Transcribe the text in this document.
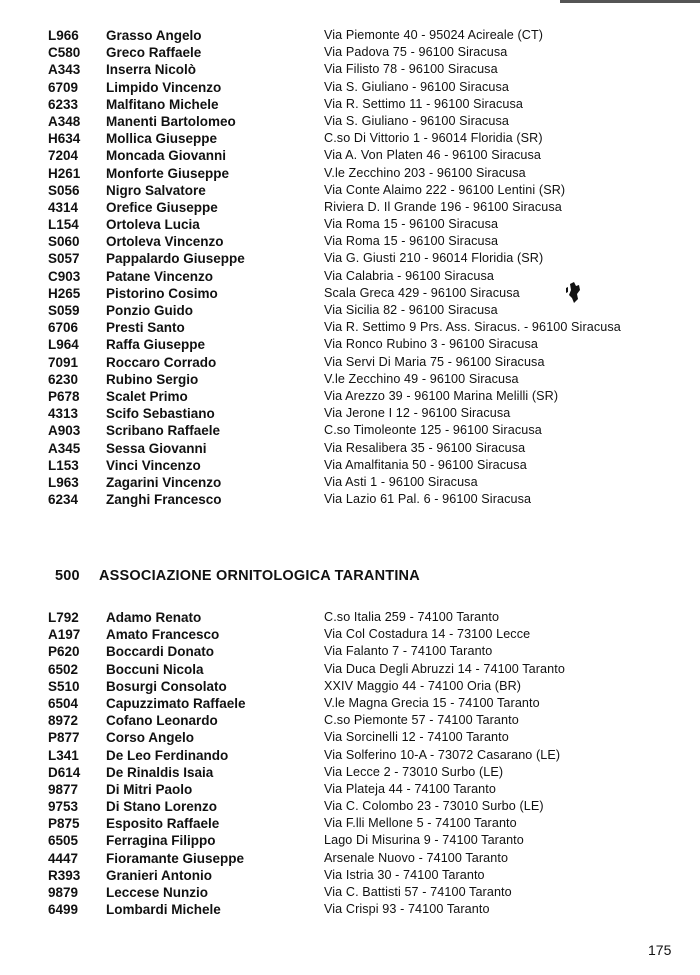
L966 Grasso Angelo	Via Piemonte 40 - 95024 Acireale (CT)
C580 Greco Raffaele	Via Padova 75 - 96100 Siracusa
A343 Inserra Nicolò	Via Filisto 78 - 96100 Siracusa
6709 Limpido Vincenzo	Via S. Giuliano - 96100 Siracusa
6233 Malfitano Michele	Via R. Settimo 11 - 96100 Siracusa
A348 Manenti Bartolomeo	Via S. Giuliano - 96100 Siracusa
H634 Mollica Giuseppe	C.so Di Vittorio 1 - 96014 Floridia (SR)
7204 Moncada Giovanni	Via A. Von Platen 46 - 96100 Siracusa
H261 Monforte Giuseppe	V.le Zecchino 203 - 96100 Siracusa
S056 Nigro Salvatore	Via Conte Alaimo 222 - 96100 Lentini (SR)
4314 Orefice Giuseppe	Riviera D. Il Grande 196 - 96100 Siracusa
L154 Ortoleva Lucia	Via Roma 15 - 96100 Siracusa
S060 Ortoleva Vincenzo	Via Roma 15 - 96100 Siracusa
S057 Pappalardo Giuseppe	Via G. Giusti 210 - 96014 Floridia (SR)
C903 Patane Vincenzo	Via Calabria - 96100 Siracusa
H265 Pistorino Cosimo	Scala Greca 429 - 96100 Siracusa
S059 Ponzio Guido	Via Sicilia 82 - 96100 Siracusa
6706 Presti Santo	Via R. Settimo 9 Prs. Ass. Siracus. - 96100 Siracusa
L964 Raffa Giuseppe	Via Ronco Rubino 3 - 96100 Siracusa
7091 Roccaro Corrado	Via Servi Di Maria 75 - 96100 Siracusa
6230 Rubino Sergio	V.le Zecchino 49 - 96100 Siracusa
P678 Scalet Primo	Via Arezzo 39 - 96100 Marina Melilli (SR)
4313 Scifo Sebastiano	Via Jerone I 12 - 96100 Siracusa
A903 Scribano Raffaele	C.so Timoleonte 125 - 96100 Siracusa
A345 Sessa Giovanni	Via Resalibera 35 - 96100 Siracusa
L153 Vinci Vincenzo	Via Amalfitania 50 - 96100 Siracusa
L963 Zagarini Vincenzo	Via Asti 1 - 96100 Siracusa
6234 Zanghi Francesco	Via Lazio 61 Pal. 6 - 96100 Siracusa
500 ASSOCIAZIONE ORNITOLOGICA TARANTINA
L792 Adamo Renato	C.so Italia 259 - 74100 Taranto
A197 Amato Francesco	Via Col Costadura 14 - 73100 Lecce
P620 Boccardi Donato	Via Falanto 7 - 74100 Taranto
6502 Boccuni Nicola	Via Duca Degli Abruzzi 14 - 74100 Taranto
S510 Bosurgi Consolato	XXIV Maggio 44 - 74100 Oria (BR)
6504 Capuzzimato Raffaele	V.le Magna Grecia 15 - 74100 Taranto
8972 Cofano Leonardo	C.so Piemonte 57 - 74100 Taranto
P877 Corso Angelo	Via Sorcinelli 12 - 74100 Taranto
L341 De Leo Ferdinando	Via Solferino 10-A - 73072 Casarano (LE)
D614 De Rinaldis Isaia	Via Lecce 2 - 73010 Surbo (LE)
9877 Di Mitri Paolo	Via Plateja 44 - 74100 Taranto
9753 Di Stano Lorenzo	Via C. Colombo 23 - 73010 Surbo (LE)
P875 Esposito Raffaele	Via F.lli Mellone 5 - 74100 Taranto
6505 Ferragina Filippo	Lago Di Misurina 9 - 74100 Taranto
4447 Fioramante Giuseppe	Arsenale Nuovo - 74100 Taranto
R393 Granieri Antonio	Via Istria 30 - 74100 Taranto
9879 Leccese Nunzio	Via C. Battisti 57 - 74100 Taranto
6499 Lombardi Michele	Via Crispi 93 - 74100 Taranto
175
